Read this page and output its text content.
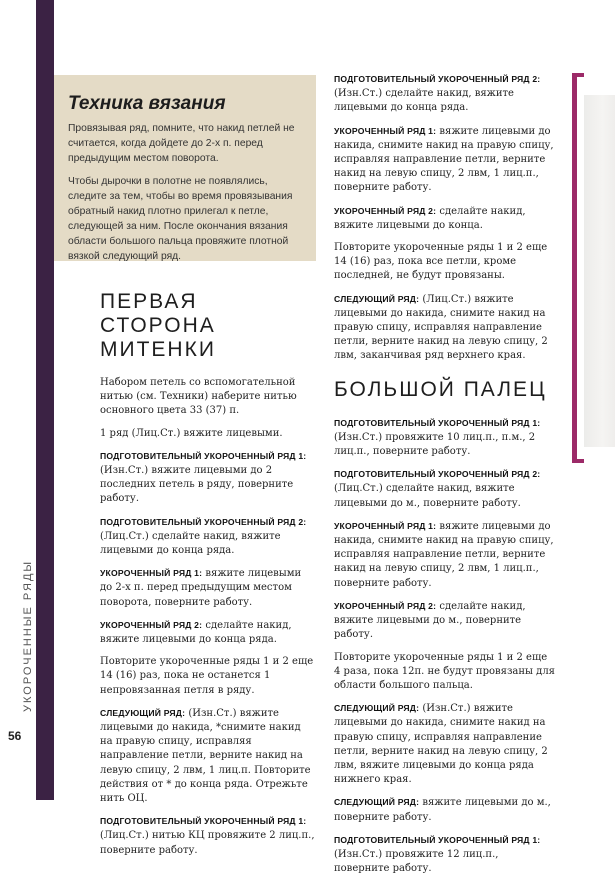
УКОРОЧЕННЫЕ РЯДЫ
56
Техника вязания

Провязывая ряд, помните, что накид петлей не считается, когда дойдете до 2-х п. перед предыдущим местом поворота.

Чтобы дырочки в полотне не появлялись, следите за тем, чтобы во время провязывания обратный накид плотно прилегал к петле, следующей за ним. После окончания вязания области большого пальца провяжите плотной вязкой следующий ряд.

ПЕРВАЯ СТОРОНА МИТЕНКИ

Набором петель со вспомогательной нитью (см. Техники) наберите нитью основного цвета 33 (37) п.

1 ряд (Лиц.Ст.) вяжите лицевыми.

ПОДГОТОВИТЕЛЬНЫЙ УКОРОЧЕННЫЙ РЯД 1: (Изн.Ст.) вяжите лицевыми до 2 последних петель в ряду, поверните работу.

ПОДГОТОВИТЕЛЬНЫЙ УКОРОЧЕННЫЙ РЯД 2: (Лиц.Ст.) сделайте накид, вяжите лицевыми до конца ряда.

УКОРОЧЕННЫЙ РЯД 1: вяжите лицевыми до 2-х п. перед предыдущим местом поворота, поверните работу.

УКОРОЧЕННЫЙ РЯД 2: сделайте накид, вяжите лицевыми до конца ряда.

Повторите укороченные ряды 1 и 2 еще 14 (16) раз, пока не останется 1 непровязанная петля в ряду.

СЛЕДУЮЩИЙ РЯД: (Изн.Ст.) вяжите лицевыми до накида, *снимите накид на правую спицу, исправляя направление петли, верните накид на левую спицу, 2 лвм, 1 лиц.п. Повторите действия от * до конца ряда. Отрежьте нить ОЦ.

ПОДГОТОВИТЕЛЬНЫЙ УКОРОЧЕННЫЙ РЯД 1: (Лиц.Ст.) нитью КЦ провяжите 2 лиц.п., поверните работу.

ПОДГОТОВИТЕЛЬНЫЙ УКОРОЧЕННЫЙ РЯД 2: (Изн.Ст.) сделайте накид, вяжите лицевыми до конца ряда.

УКОРОЧЕННЫЙ РЯД 1: вяжите лицевыми до накида, снимите накид на правую спицу, исправляя направление петли, верните накид на левую спицу, 2 лвм, 1 лиц.п., поверните работу.

УКОРОЧЕННЫЙ РЯД 2: сделайте накид, вяжите лицевыми до конца.

Повторите укороченные ряды 1 и 2 еще 14 (16) раз, пока все петли, кроме последней, не будут провязаны.

СЛЕДУЮЩИЙ РЯД: (Лиц.Ст.) вяжите лицевыми до накида, снимите накид на правую спицу, исправляя направление петли, верните накид на левую спицу, 2 лвм, заканчивая ряд верхнего края.

БОЛЬШОЙ ПАЛЕЦ

ПОДГОТОВИТЕЛЬНЫЙ УКОРОЧЕННЫЙ РЯД 1: (Изн.Ст.) провяжите 10 лиц.п., п.м., 2 лиц.п., поверните работу.

ПОДГОТОВИТЕЛЬНЫЙ УКОРОЧЕННЫЙ РЯД 2: (Лиц.Ст.) сделайте накид, вяжите лицевыми до м., поверните работу.

УКОРОЧЕННЫЙ РЯД 1: вяжите лицевыми до накида, снимите накид на правую спицу, исправляя направление петли, верните накид на левую спицу, 2 лвм, 1 лиц.п., поверните работу.

УКОРОЧЕННЫЙ РЯД 2: сделайте накид, вяжите лицевыми до м., поверните работу.

Повторите укороченные ряды 1 и 2 еще 4 раза, пока 12п. не будут провязаны для области большого пальца.

СЛЕДУЮЩИЙ РЯД: (Изн.Ст.) вяжите лицевыми до накида, снимите накид на правую спицу, исправляя направление петли, верните накид на левую спицу, 2 лвм, вяжите лицевыми до конца ряда нижнего края.

СЛЕДУЮЩИЙ РЯД: вяжите лицевыми до м., поверните работу.

ПОДГОТОВИТЕЛЬНЫЙ УКОРОЧЕННЫЙ РЯД 1: (Изн.Ст.) провяжите 12 лиц.п., поверните работу.
